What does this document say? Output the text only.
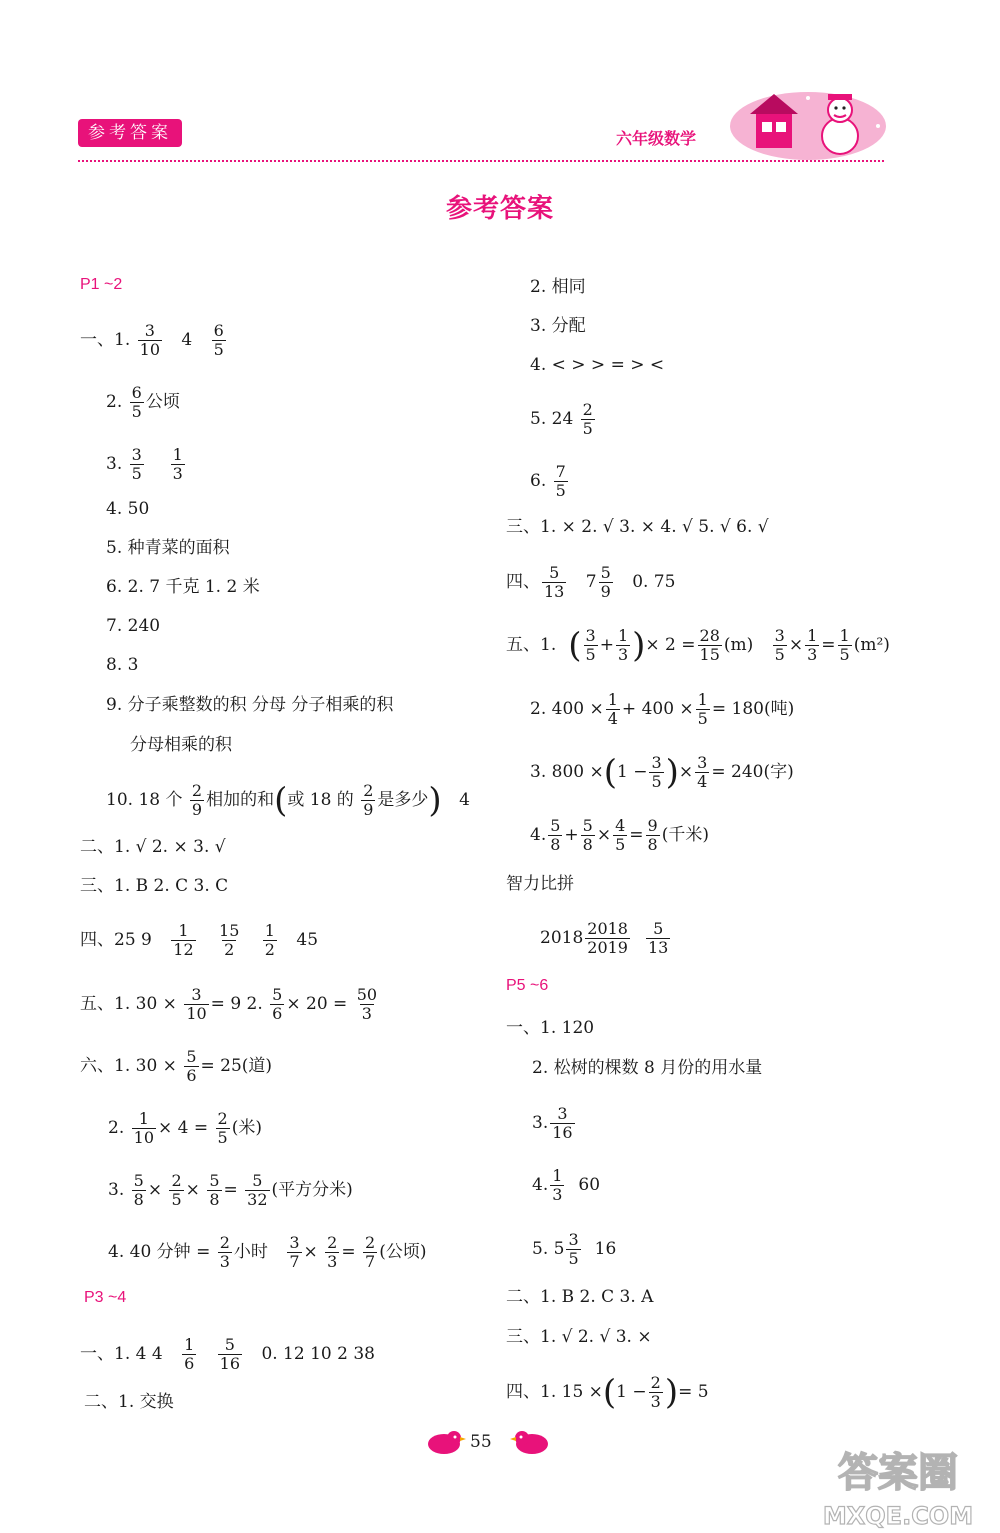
参考答案	六年级数学
参考答案
P1 ~2
一、1. $\frac{3}{10} 4 \frac{6}{5}$
2. $\frac{6}{5}$ 公顷
3. $\frac{3}{5}$
$\frac{1}{3}$
4. 50
5. 种青菜的面积
6. 2. 7 千克 1. 2 米
7. 240
8. 3
9. 分子乘整数的积 分母 分子相乘的积
分母相乘的积
10. 18 个 $\frac{2}{9}$ 相加的和(或 18 的 $\frac{2}{9}$ 是多少) 4
二、1. √ 2. × 3. √
三、1. B 2. C 3. C
四、25 $9 \frac{1}{12}$
$\frac{15}{2}$
$\frac{1}{2} 45$
五、1. $30 \times \frac{3}{10} = 9$ 2. $\frac{5}{6} \times 20 = \frac{50}{3}$
六、1. $30 \times \frac{5}{6} = 25$(道)
2. $\frac{1}{10} \times 4 = \frac{2}{5}$ (米)
3. $\frac{5}{8} \times \frac{2}{5} \times \frac{5}{8} = \frac{5}{32}$ (平方分米)
4. 40 分钟 = $\frac{2}{3}$ 小时 $\frac{3}{7} \times \frac{2}{3} = \frac{2}{7}$ (公顷)
P3 ~4
一、1. 4 $4 \frac{1}{6}$
$\frac{5}{16} 0$. 12 10 2 38
二、1. 交换
2. 相同
3. 分配
4. < > > = > <
5. $24 \frac{2}{5}$
6. $\frac{7}{5}$
三、1. × 2. √ 3. × 4. √ 5. √ 6. √
四、 $\frac{5}{13} 7 \frac{5}{9} 0$. 75
五、1. ( $\frac{3}{5} + \frac{1}{3}$ )× $2 = \frac{28}{15} (m) \frac{3}{5} \times \frac{1}{3} = \frac{1}{5} (m^2)$
2. $400 \times \frac{1}{4} + 400 \times \frac{1}{5} = 180$(吨)
3. $800 \times(1 - \frac{3}{5}$ )× $\frac{3}{4} = 240$(字)
4. $\frac{5}{8} + \frac{5}{8} \times \frac{4}{5} = \frac{9}{8}$ (千米)
智力比拼
$2018 \frac{2018}{2019} \frac{5}{13}$
P5 ~6
一、1. 120
2. 松树的棵数 8 月份的用水量
3. $\frac{3}{16}$
4. $\frac{1}{3} 60$
5. $5 \frac{3}{5} 16$
二、1. B 2. C 3. A
三、1. √ 2. √ 3. ×
四、1. $15 \times(1 - \frac{2}{3}$ )= 5
55
答案圈
MXQE.COM
